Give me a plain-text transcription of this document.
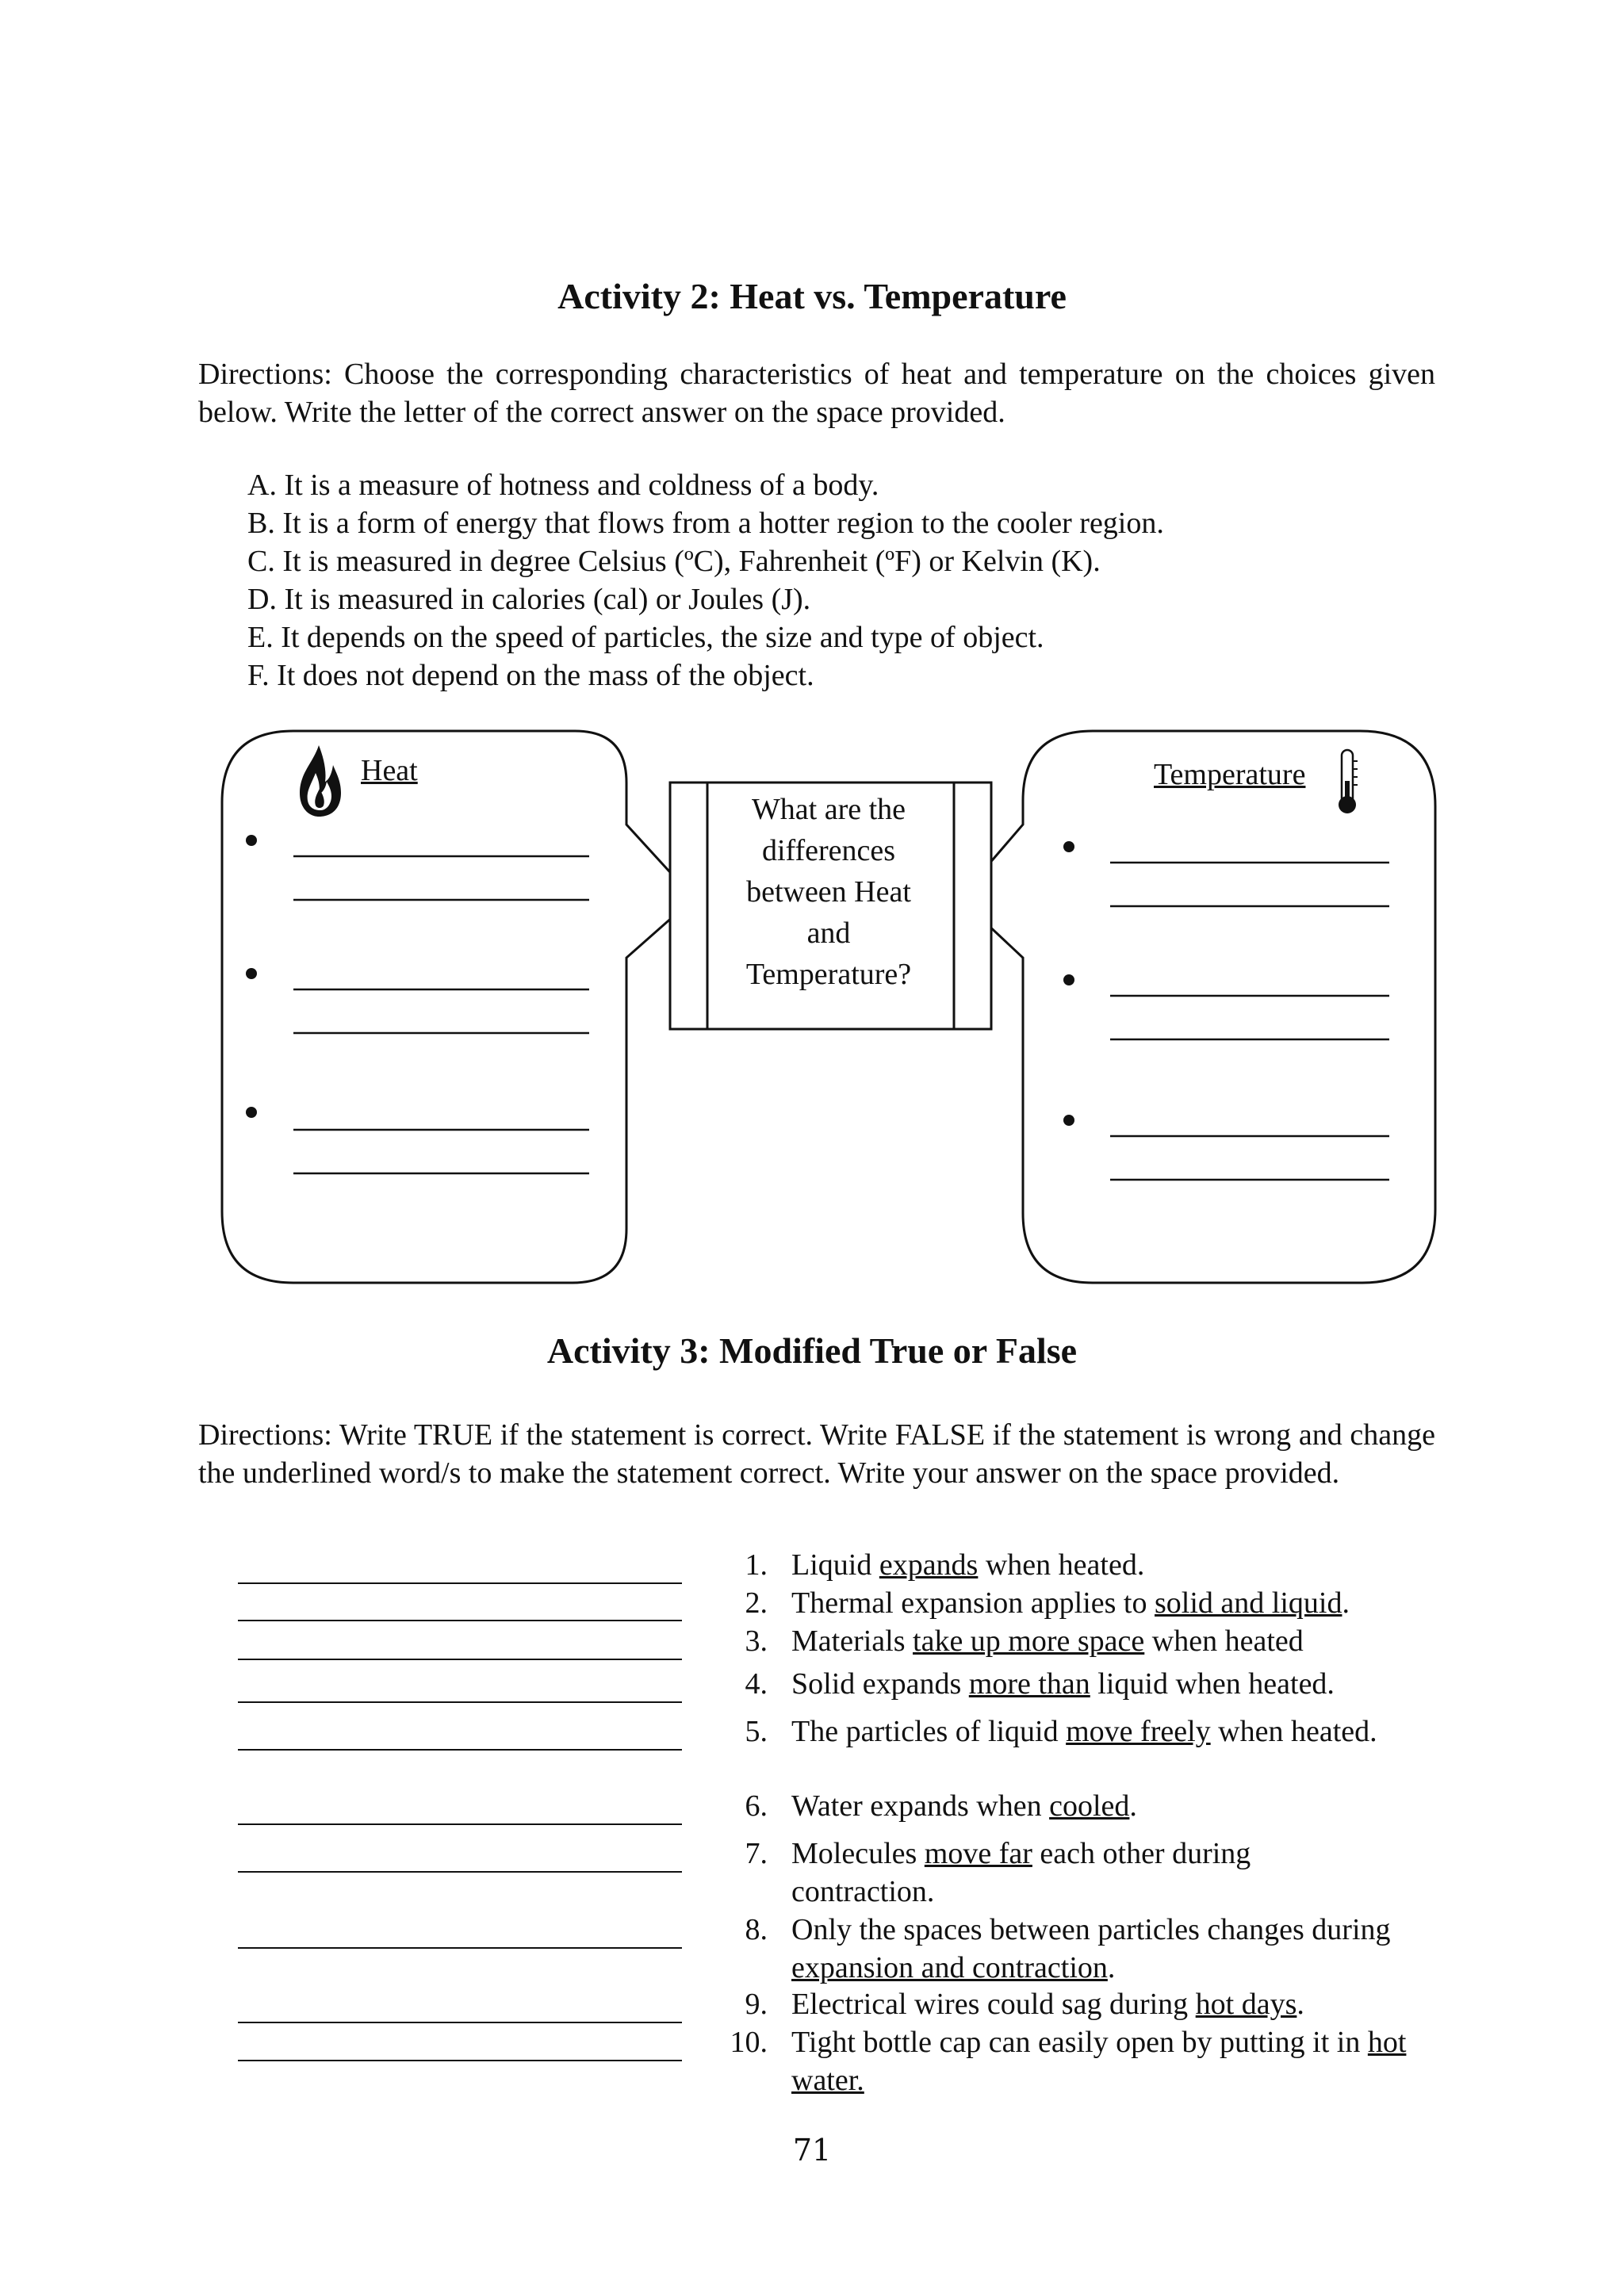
Activity 2: Heat vs. Temperature

Directions: Choose the corresponding characteristics of heat and temperature on the choices given below. Write the letter of the correct answer on the space provided.

A. It is a measure of hotness and coldness of a body.
B. It is a form of energy that flows from a hotter region to the cooler region.
C. It is measured in degree Celsius (ºC), Fahrenheit (ºF) or Kelvin (K).
D. It is measured in calories (cal) or Joules (J).
E. It depends on the speed of particles, the size and type of object.
F. It does not depend on the mass of the object.
Heat	Temperature
What are the
differences
between Heat
and
Temperature?
Activity 3: Modified True or False

Directions: Write TRUE if the statement is correct. Write FALSE if the statement is wrong and change the underlined word/s to make the statement correct. Write your answer on the space provided.

1. Liquid expands when heated.
2. Thermal expansion applies to solid and liquid.
3. Materials take up more space when heated
4. Solid expands more than liquid when heated.
5. The particles of liquid move freely when heated.
6. Water expands when cooled.
7. Molecules move far each other during contraction.
8. Only the spaces between particles changes during expansion and contraction.
9. Electrical wires could sag during hot days.
10. Tight bottle cap can easily open by putting it in hot water.
71
